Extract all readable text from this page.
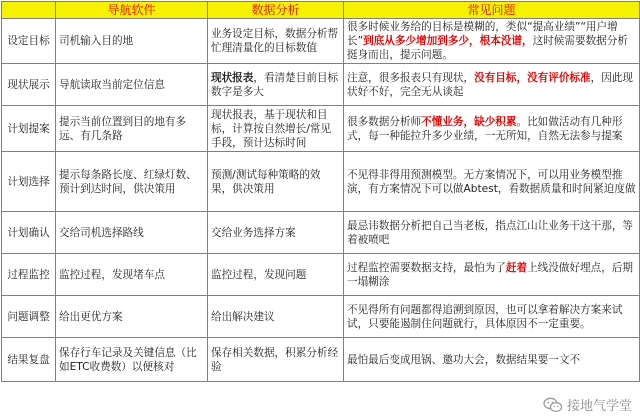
	导航软件	数据分析	常见问题
设定目标	司机输入目的地	业务设定目标，数据分析帮忙理清量化的目标数值	很多时候业务给的目标是模糊的，类似“提高业绩”“用户增长”到底从多少增加到多少，根本没谱，这时候需要数据分析挺身而出，提示问题。
现状展示	导航读取当前定位信息	现状报表，看清楚目前目标数字是多大	注意，很多报表只有现状，没有目标，没有评价标准，因此现状好不好，完全无从谈起
计划提案	提示当前位置到目的地有多远、有几条路	现状报表，基于现状和目标，计算按自然增长/常见手段，预计达标时间	很多数据分析师不懂业务，缺少积累。比如做活动有几种形式，每一种能拉升多少业绩，一无所知，自然无法参与提案
计划选择	提示每条路长度、红绿灯数、预计到达时间，供决策用	预测/测试每种策略的效果，供决策用	不见得非得用预测模型。无方案情况下，可以用业务模型推演，有方案情况下可以做Abtest，看数据质量和时间紧迫度做
计划确认	交给司机选择路线	交给业务选择方案	最忌讳数据分析把自己当老板，指点江山让业务干这干那，等着被喷吧
过程监控	监控过程，发现堵车点	监控过程，发现问题	过程监控需要数据支持，最怕为了赶着上线没做好埋点，后期一塌糊涂
问题调整	给出更优方案	给出解决建议	不见得所有问题都得追溯到原因，也可以拿着解决方案来试试，只要能遏制住问题就行，具体原因不一定重要。
结果复盘	保存行车记录及关键信息（比如ETC收费数）以便核对	保存相关数据，积累分析经验	最怕最后变成甩锅、邀功大会，数据结果要一文不
接地气学堂
